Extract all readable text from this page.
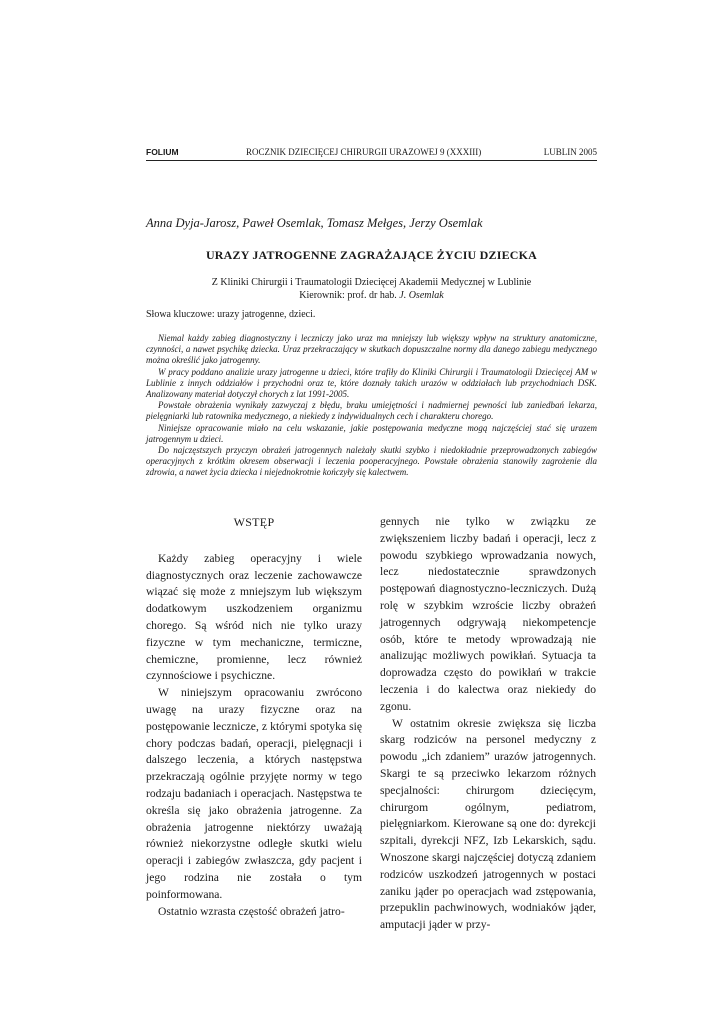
FOLIUM	ROCZNIK DZIECIĘCEJ CHIRURGII URAZOWEJ 9 (XXXIII)	LUBLIN 2005
Anna Dyja-Jarosz, Paweł Osemlak, Tomasz Mełges, Jerzy Osemlak
URAZY JATROGENNE ZAGRAŻAJĄCE ŻYCIU DZIECKA
Z Kliniki Chirurgii i Traumatologii Dziecięcej Akademii Medycznej w Lublinie
Kierownik: prof. dr hab. J. Osemlak
Słowa kluczowe: urazy jatrogenne, dzieci.

Niemal każdy zabieg diagnostyczny i leczniczy jako uraz ma mniejszy lub większy wpływ na struktury anatomiczne, czynności, a nawet psychikę dziecka. Uraz przekraczający w skutkach dopuszczalne normy dla danego zabiegu medycznego można określić jako jatrogenny.

W pracy poddano analizie urazy jatrogenne u dzieci, które trafiły do Kliniki Chirurgii i Traumatologii Dziecięcej AM w Lublinie z innych oddziałów i przychodni oraz te, które doznały takich urazów w oddziałach lub przychodniach DSK. Analizowany materiał dotyczył chorych z lat 1991-2005.

Powstałe obrażenia wynikały zazwyczaj z błędu, braku umiejętności i nadmiernej pewności lub zaniedbań lekarza, pielęgniarki lub ratownika medycznego, a niekiedy z indywidualnych cech i charakteru chorego.

Niniejsze opracowanie miało na celu wskazanie, jakie postępowania medyczne mogą najczęściej stać się urazem jatrogennym u dzieci.

Do najczęstszych przyczyn obrażeń jatrogennych należały skutki szybko i niedokładnie przeprowadzonych zabiegów operacyjnych z krótkim okresem obserwacji i leczenia pooperacyjnego. Powstałe obrażenia stanowiły zagrożenie dla zdrowia, a nawet życia dziecka i niejednokrotnie kończyły się kalectwem.

WSTĘP

Każdy zabieg operacyjny i wiele diagnostycznych oraz leczenie zachowawcze wiązać się może z mniejszym lub większym dodatkowym uszkodzeniem organizmu chorego. Są wśród nich nie tylko urazy fizyczne w tym mechaniczne, termiczne, chemiczne, promienne, lecz również czynnościowe i psychiczne.

W niniejszym opracowaniu zwrócono uwagę na urazy fizyczne oraz na postępowanie lecznicze, z którymi spotyka się chory podczas badań, operacji, pielęgnacji i dalszego leczenia, a których następstwa przekraczają ogólnie przyjęte normy w tego rodzaju badaniach i operacjach. Następstwa te określa się jako obrażenia jatrogenne. Za obrażenia jatrogenne niektórzy uważają również niekorzystne odległe skutki wielu operacji i zabiegów zwłaszcza, gdy pacjent i jego rodzina nie została o tym poinformowana.

Ostatnio wzrasta częstość obrażeń jatro-

gennych nie tylko w związku ze zwiększeniem liczby badań i operacji, lecz z powodu szybkiego wprowadzania nowych, lecz niedostatecznie sprawdzonych postępowań diagnostyczno-leczniczych. Dużą rolę w szybkim wzroście liczby obrażeń jatrogennych odgrywają niekompetencje osób, które te metody wprowadzają nie analizując możliwych powikłań. Sytuacja ta doprowadza często do powikłań w trakcie leczenia i do kalectwa oraz niekiedy do zgonu.

W ostatnim okresie zwiększa się liczba skarg rodziców na personel medyczny z powodu „ich zdaniem” urazów jatrogennych. Skargi te są przeciwko lekarzom różnych specjalności: chirurgom dziecięcym, chirurgom ogólnym, pediatrom, pielęgniarkom. Kierowane są one do: dyrekcji szpitali, dyrekcji NFZ, Izb Lekarskich, sądu. Wnoszone skargi najczęściej dotyczą zdaniem rodziców uszkodzeń jatrogennych w postaci zaniku jąder po operacjach wad zstępowania, przepuklin pachwinowych, wodniaków jąder, amputacji jąder w przy-
